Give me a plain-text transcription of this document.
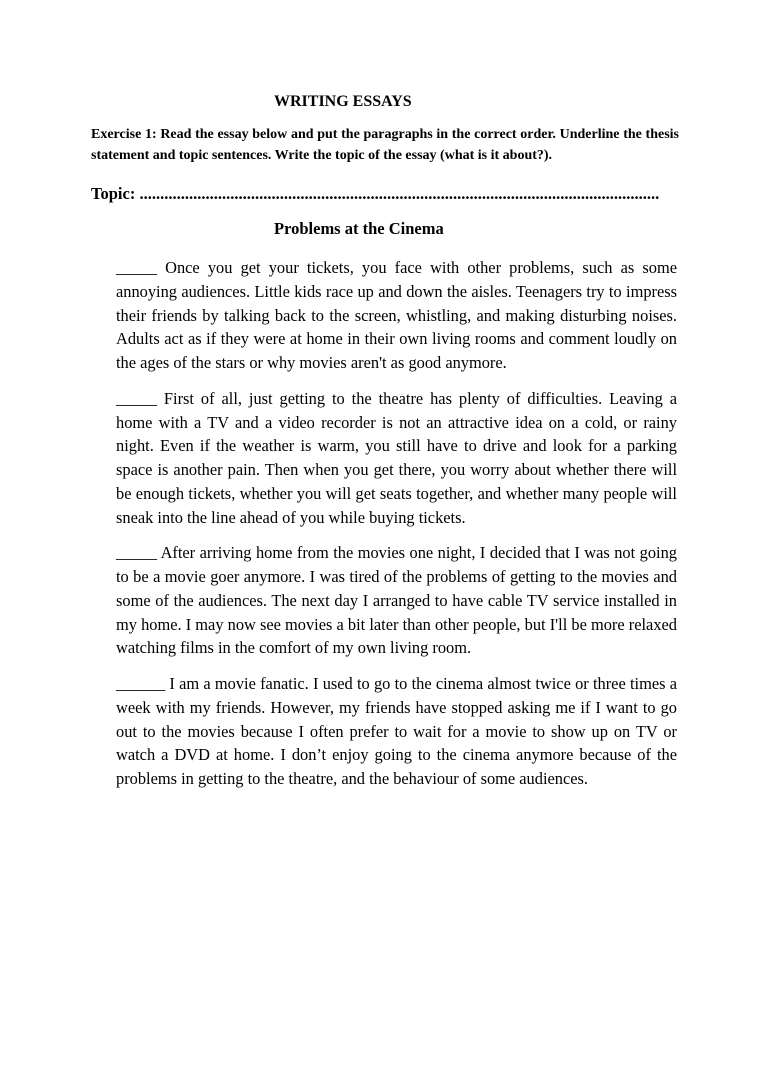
WRITING ESSAYS
Exercise 1: Read the essay below and put the paragraphs in the correct order. Underline the thesis statement and topic sentences. Write the topic of the essay (what is it about?).
Topic: ..............................................................................................................................
Problems at the Cinema

_____ Once you get your tickets, you face with other problems, such as some annoying audiences. Little kids race up and down the aisles. Teenagers try to impress their friends by talking back to the screen, whistling, and making disturbing noises. Adults act as if they were at home in their own living rooms and comment loudly on the ages of the stars or why movies aren't as good anymore.

_____ First of all, just getting to the theatre has plenty of difficulties. Leaving a home with a TV and a video recorder is not an attractive idea on a cold, or rainy night. Even if the weather is warm, you still have to drive and look for a parking space is another pain. Then when you get there, you worry about whether there will be enough tickets, whether you will get seats together, and whether many people will sneak into the line ahead of you while buying tickets.

_____ After arriving home from the movies one night, I decided that I was not going to be a movie goer anymore. I was tired of the problems of getting to the movies and some of the audiences. The next day I arranged to have cable TV service installed in my home. I may now see movies a bit later than other people, but I'll be more relaxed watching films in the comfort of my own living room.

______ I am a movie fanatic. I used to go to the cinema almost twice or three times a week with my friends. However, my friends have stopped asking me if I want to go out to the movies because I often prefer to wait for a movie to show up on TV or watch a DVD at home. I don’t enjoy going to the cinema anymore because of the problems in getting to the theatre, and the behaviour of some audiences.
